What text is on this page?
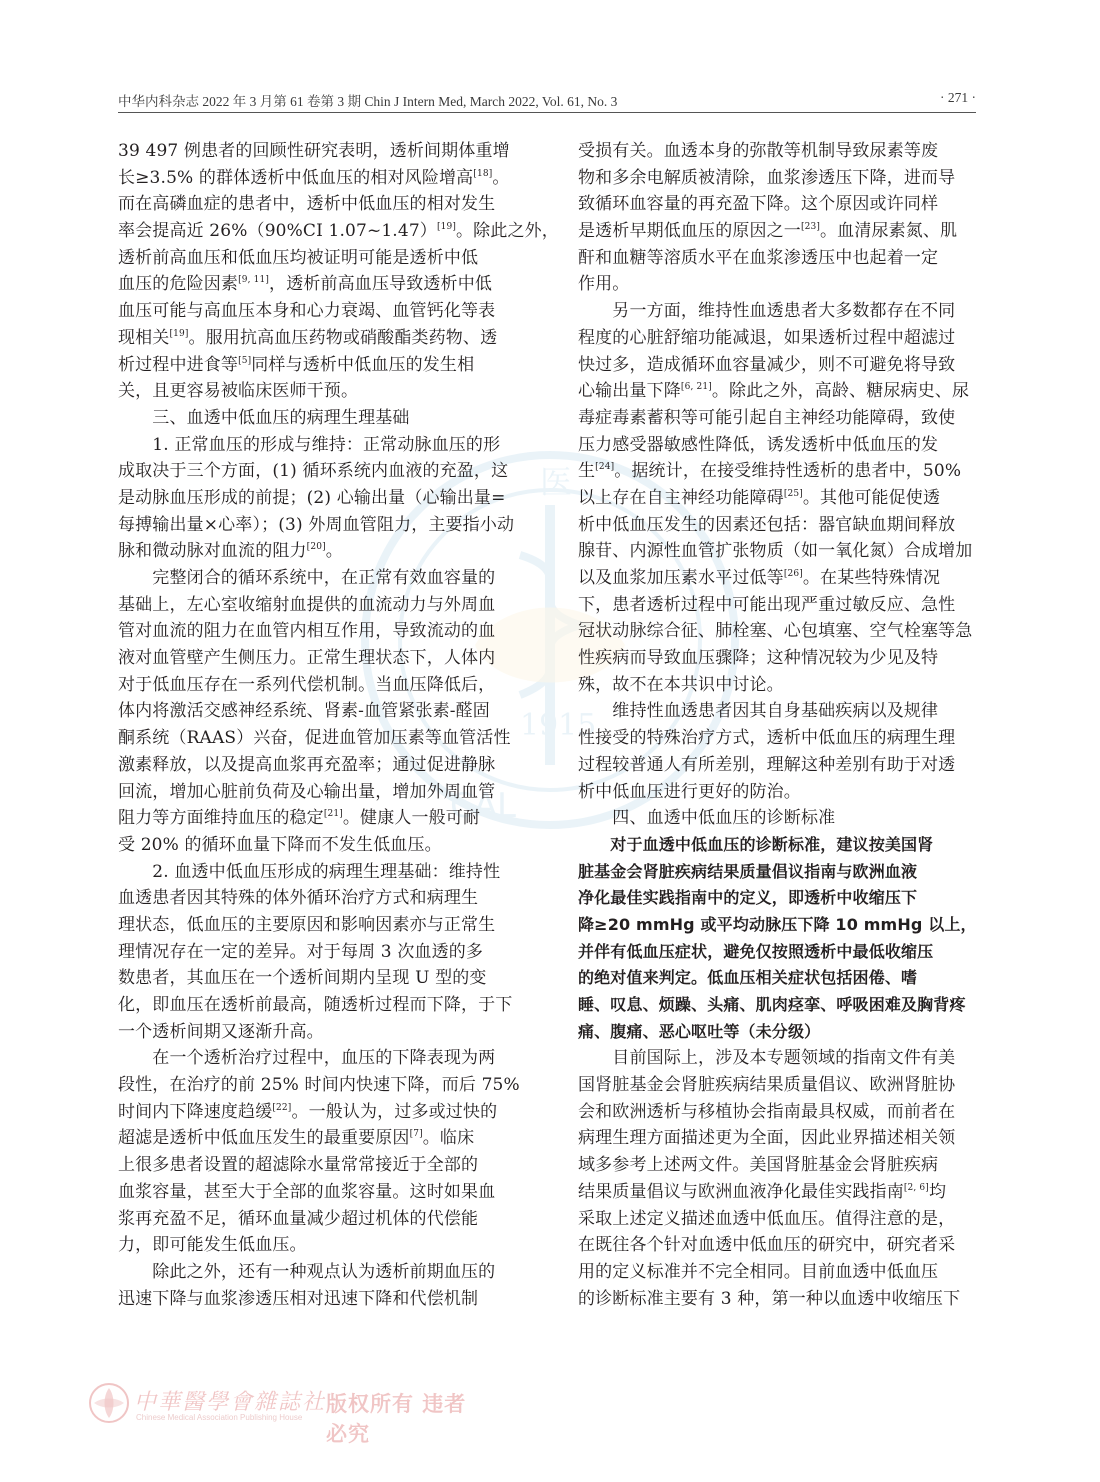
中华内科杂志 2022 年 3 月第 61 卷第 3 期 Chin J Intern Med, March 2022, Vol. 61, No. 3	· 271 ·
医
1915
CAL
39 497 例患者的回顾性研究表明，透析间期体重增
长≥3.5% 的群体透析中低血压的相对风险增高[18]。
而在高磷血症的患者中，透析中低血压的相对发生
率会提高近 26%（90%CI 1.07~1.47）[19]。除此之外，
透析前高血压和低血压均被证明可能是透析中低
血压的危险因素[9, 11]，透析前高血压导致透析中低
血压可能与高血压本身和心力衰竭、血管钙化等表
现相关[19]。服用抗高血压药物或硝酸酯类药物、透
析过程中进食等[5]同样与透析中低血压的发生相
关，且更容易被临床医师干预。
　　三、血透中低血压的病理生理基础
　　1. 正常血压的形成与维持：正常动脉血压的形
成取决于三个方面，(1) 循环系统内血液的充盈，这
是动脉血压形成的前提；(2) 心输出量（心输出量=
每搏输出量×心率）；(3) 外周血管阻力，主要指小动
脉和微动脉对血流的阻力[20]。
　　完整闭合的循环系统中，在正常有效血容量的
基础上，左心室收缩射血提供的血流动力与外周血
管对血流的阻力在血管内相互作用，导致流动的血
液对血管壁产生侧压力。正常生理状态下，人体内
对于低血压存在一系列代偿机制。当血压降低后，
体内将激活交感神经系统、肾素-血管紧张素-醛固
酮系统（RAAS）兴奋，促进血管加压素等血管活性
激素释放，以及提高血浆再充盈率；通过促进静脉
回流，增加心脏前负荷及心输出量，增加外周血管
阻力等方面维持血压的稳定[21]。健康人一般可耐
受 20% 的循环血量下降而不发生低血压。
　　2. 血透中低血压形成的病理生理基础：维持性
血透患者因其特殊的体外循环治疗方式和病理生
理状态，低血压的主要原因和影响因素亦与正常生
理情况存在一定的差异。对于每周 3 次血透的多
数患者，其血压在一个透析间期内呈现 U 型的变
化，即血压在透析前最高，随透析过程而下降，于下
一个透析间期又逐渐升高。
　　在一个透析治疗过程中，血压的下降表现为两
段性，在治疗的前 25% 时间内快速下降，而后 75%
时间内下降速度趋缓[22]。一般认为，过多或过快的
超滤是透析中低血压发生的最重要原因[7]。临床
上很多患者设置的超滤除水量常常接近于全部的
血浆容量，甚至大于全部的血浆容量。这时如果血
浆再充盈不足，循环血量减少超过机体的代偿能
力，即可能发生低血压。
　　除此之外，还有一种观点认为透析前期血压的
迅速下降与血浆渗透压相对迅速下降和代偿机制
受损有关。血透本身的弥散等机制导致尿素等废
物和多余电解质被清除，血浆渗透压下降，进而导
致循环血容量的再充盈下降。这个原因或许同样
是透析早期低血压的原因之一[23]。血清尿素氮、肌
酐和血糖等溶质水平在血浆渗透压中也起着一定
作用。
　　另一方面，维持性血透患者大多数都存在不同
程度的心脏舒缩功能减退，如果透析过程中超滤过
快过多，造成循环血容量减少，则不可避免将导致
心输出量下降[6, 21]。除此之外，高龄、糖尿病史、尿
毒症毒素蓄积等可能引起自主神经功能障碍，致使
压力感受器敏感性降低，诱发透析中低血压的发
生[24]。据统计，在接受维持性透析的患者中，50%
以上存在自主神经功能障碍[25]。其他可能促使透
析中低血压发生的因素还包括：器官缺血期间释放
腺苷、内源性血管扩张物质（如一氧化氮）合成增加
以及血浆加压素水平过低等[26]。在某些特殊情况
下，患者透析过程中可能出现严重过敏反应、急性
冠状动脉综合征、肺栓塞、心包填塞、空气栓塞等急
性疾病而导致血压骤降；这种情况较为少见及特
殊，故不在本共识中讨论。
　　维持性血透患者因其自身基础疾病以及规律
性接受的特殊治疗方式，透析中低血压的病理生理
过程较普通人有所差别，理解这种差别有助于对透
析中低血压进行更好的防治。
　　四、血透中低血压的诊断标准
　　对于血透中低血压的诊断标准，建议按美国肾
脏基金会肾脏疾病结果质量倡议指南与欧洲血液
净化最佳实践指南中的定义，即透析中收缩压下
降≥20 mmHg 或平均动脉压下降 10 mmHg 以上，
并伴有低血压症状，避免仅按照透析中最低收缩压
的绝对值来判定。低血压相关症状包括困倦、嗜
睡、叹息、烦躁、头痛、肌肉痉挛、呼吸困难及胸背疼
痛、腹痛、恶心呕吐等（未分级）
　　目前国际上，涉及本专题领域的指南文件有美
国肾脏基金会肾脏疾病结果质量倡议、欧洲肾脏协
会和欧洲透析与移植协会指南最具权威，而前者在
病理生理方面描述更为全面，因此业界描述相关领
域多参考上述两文件。美国肾脏基金会肾脏疾病
结果质量倡议与欧洲血液净化最佳实践指南[2, 6]均
采取上述定义描述血透中低血压。值得注意的是，
在既往各个针对血透中低血压的研究中，研究者采
用的定义标准并不完全相同。目前血透中低血压
的诊断标准主要有 3 种，第一种以血透中收缩压下
中華醫學會雜誌社
Chinese Medical Association Publishing House
版权所有 违者必究
